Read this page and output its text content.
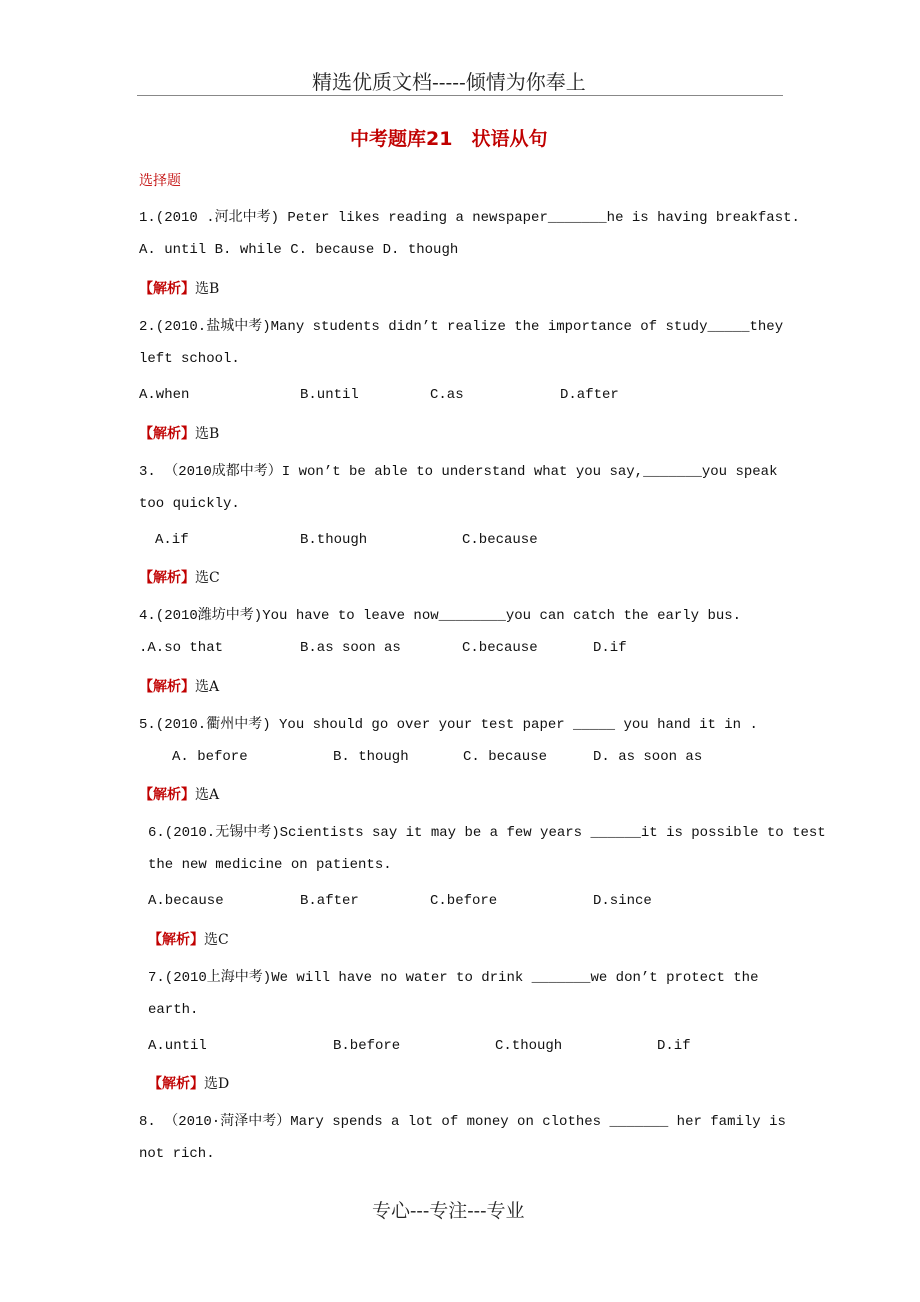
精选优质文档-----倾情为你奉上
中考题库21　状语从句
选择题
1.(2010 .河北中考) Peter likes reading a newspaper_______he is having breakfast.
A. until B. while C. because D. though
【解析】选B
2.(2010.盐城中考)Many students didn’t realize the importance of study_____they
left school.
A.when	B.until	C.as	D.after
【解析】选B
3. （2010成都中考）I won’t be able to understand what you say,_______you speak
too quickly.
A.if	B.though	C.because
【解析】选C
4.(2010潍坊中考)You have to leave now________you can catch the early bus.
.A.so that	B.as soon as	C.because	D.if
【解析】选A
5.(2010.衢州中考) You should go over your test paper _____ you hand it in .
A. before	B. though	C. because	D. as soon as
【解析】选A
6.(2010.无锡中考)Scientists say it may be a few years ______it is possible to test
the new medicine on patients.
A.because	B.after	C.before	D.since
【解析】选C
7.(2010上海中考)We will have no water to drink _______we don’t protect the
earth.
A.until	B.before	C.though	D.if
【解析】选D
8. （2010·菏泽中考）Mary spends a lot of money on clothes _______ her family is
not rich.
专心---专注---专业
